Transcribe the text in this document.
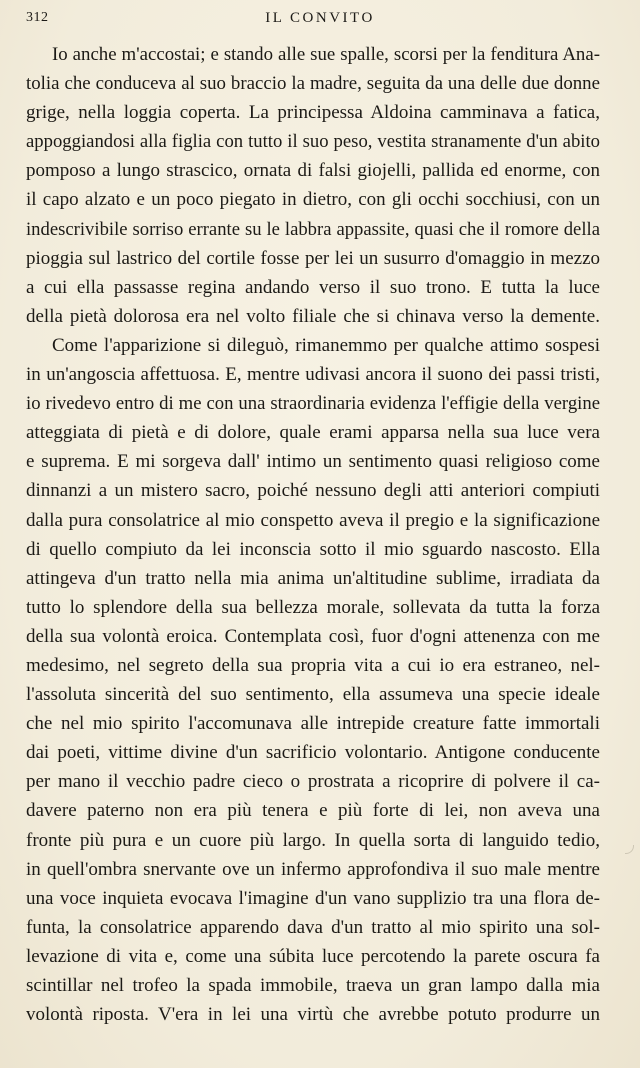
312	IL CONVITO
Io anche m'accostai; e stando alle sue spalle, scorsi per la fenditura Ana-
tolia che conduceva al suo braccio la madre, seguita da una delle due donne
grige, nella loggia coperta. La principessa Aldoina camminava a fatica,
appoggiandosi alla figlia con tutto il suo peso, vestita stranamente d'un abito
pomposo a lungo strascico, ornata di falsi giojelli, pallida ed enorme, con
il capo alzato e un poco piegato in dietro, con gli occhi socchiusi, con un
indescrivibile sorriso errante su le labbra appassite, quasi che il romore della
pioggia sul lastrico del cortile fosse per lei un susurro d'omaggio in mezzo
a cui ella passasse regina andando verso il suo trono. E tutta la luce
della pietà dolorosa era nel volto filiale che si chinava verso la demente.
Come l'apparizione si dileguò, rimanemmo per qualche attimo sospesi
in un'angoscia affettuosa. E, mentre udivasi ancora il suono dei passi tristi,
io rivedevo entro di me con una straordinaria evidenza l'effigie della vergine
atteggiata di pietà e di dolore, quale erami apparsa nella sua luce vera
e suprema. E mi sorgeva dall' intimo un sentimento quasi religioso come
dinnanzi a un mistero sacro, poiché nessuno degli atti anteriori compiuti
dalla pura consolatrice al mio conspetto aveva il pregio e la significazione
di quello compiuto da lei inconscia sotto il mio sguardo nascosto. Ella
attingeva d'un tratto nella mia anima un'altitudine sublime, irradiata da
tutto lo splendore della sua bellezza morale, sollevata da tutta la forza
della sua volontà eroica. Contemplata così, fuor d'ogni attenenza con me
medesimo, nel segreto della sua propria vita a cui io era estraneo, nel-
l'assoluta sincerità del suo sentimento, ella assumeva una specie ideale
che nel mio spirito l'accomunava alle intrepide creature fatte immortali
dai poeti, vittime divine d'un sacrificio volontario. Antigone conducente
per mano il vecchio padre cieco o prostrata a ricoprire di polvere il ca-
davere paterno non era più tenera e più forte di lei, non aveva una
fronte più pura e un cuore più largo. In quella sorta di languido tedio,
in quell'ombra snervante ove un infermo approfondiva il suo male mentre
una voce inquieta evocava l'imagine d'un vano supplizio tra una flora de-
funta, la consolatrice apparendo dava d'un tratto al mio spirito una sol-
levazione di vita e, come una súbita luce percotendo la parete oscura fa
scintillar nel trofeo la spada immobile, traeva un gran lampo dalla mia
volontà riposta. V'era in lei una virtù che avrebbe potuto produrre un
